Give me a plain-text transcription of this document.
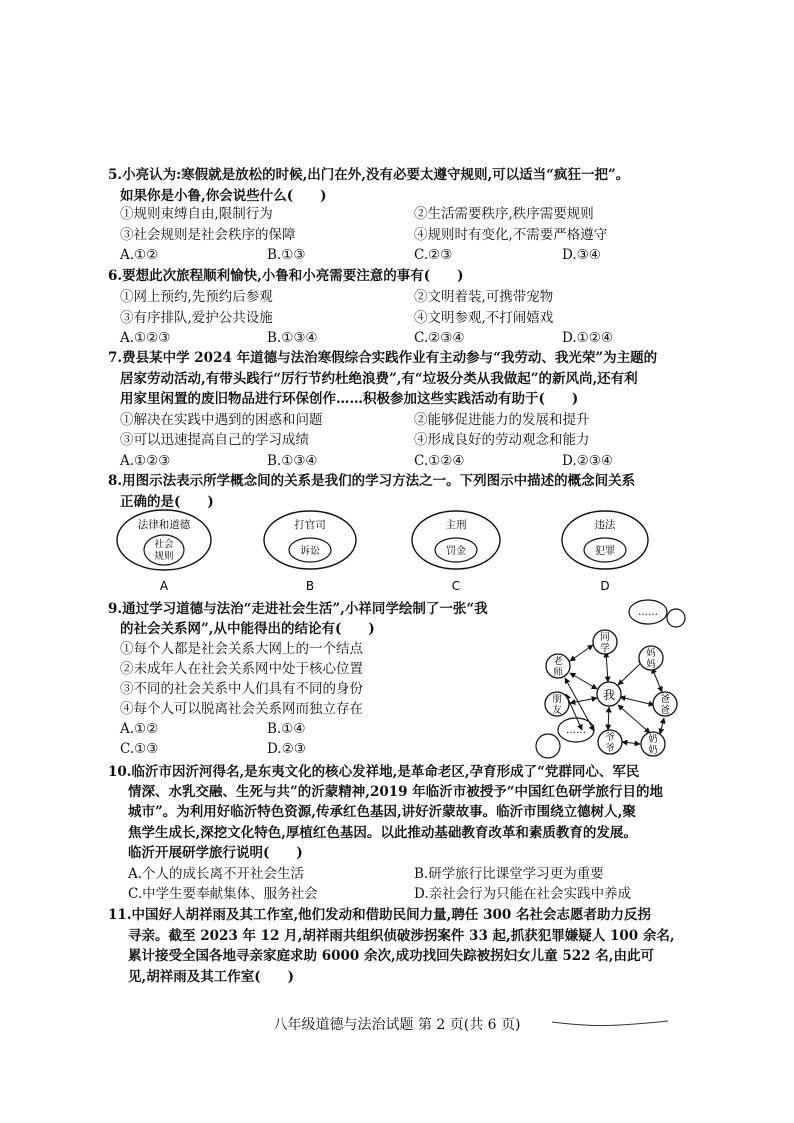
5.小亮认为:寒假就是放松的时候,出门在外,没有必要太遵守规则,可以适当“疯狂一把”。
如果你是小鲁,你会说些什么(　　)
①规则束缚自由,限制行为	②生活需要秩序,秩序需要规则
③社会规则是社会秩序的保障	④规则时有变化,不需要严格遵守
A.①②	B.①③	C.②③	D.③④
6.要想此次旅程顺利愉快,小鲁和小亮需要注意的事有(　　)
①网上预约,先预约后参观	②文明着装,可携带宠物
③有序排队,爱护公共设施	④文明参观,不打闹嬉戏
A.①②③	B.①③④	C.②③④	D.①②④
7.费县某中学 2024 年道德与法治寒假综合实践作业有主动参与“我劳动、我光荣”为主题的
居家劳动活动,有带头践行“厉行节约杜绝浪费”,有“垃圾分类从我做起”的新风尚,还有利
用家里闲置的废旧物品进行环保创作……积极参加这些实践活动有助于(　　)
①解决在实践中遇到的困惑和问题	②能够促进能力的发展和提升
③可以迅速提高自己的学习成绩	④形成良好的劳动观念和能力
A.①②③	B.①③④	C.①②④	D.②③④
8.用图示法表示所学概念间的关系是我们的学习方法之一。下列图示中描述的概念间关系
正确的是(　　)
法律和道德
社会
规则
A
打官司
诉讼
B
主刑
罚金
C
违法
犯罪
D
9.通过学习道德与法治“走进社会生活”,小祥同学绘制了一张“我
的社会关系网”,从中能得出的结论有(　　)
①每个人都是社会关系大网上的一个结点
②未成年人在社会关系网中处于核心位置
③不同的社会关系中人们具有不同的身份
④每个人可以脱离社会关系网而独立存在
A.①②	B.①④
C.①③	D.②③
……
我
同
学	妈
妈
老
师
爸
爸
朋
友
……
爷
爷
奶
奶
10.临沂市因沂河得名,是东夷文化的核心发祥地,是革命老区,孕育形成了“党群同心、军民
情深、水乳交融、生死与共”的沂蒙精神,2019 年临沂市被授予“中国红色研学旅行目的地
城市”。为利用好临沂特色资源,传承红色基因,讲好沂蒙故事。临沂市围绕立德树人,聚
焦学生成长,深挖文化特色,厚植红色基因。以此推动基础教育改革和素质教育的发展。
临沂开展研学旅行说明(　　)
A.个人的成长离不开社会生活	B.研学旅行比课堂学习更为重要
C.中学生要奉献集体、服务社会	D.亲社会行为只能在社会实践中养成
11.中国好人胡祥雨及其工作室,他们发动和借助民间力量,聘任 300 名社会志愿者助力反拐
寻亲。截至 2023 年 12 月,胡祥雨共组织侦破涉拐案件 33 起,抓获犯罪嫌疑人 100 余名,
累计接受全国各地寻亲家庭求助 6000 余次,成功找回失踪被拐妇女儿童 522 名,由此可
见,胡祥雨及其工作室(　　)
八年级道德与法治试题 第 2 页(共 6 页)
